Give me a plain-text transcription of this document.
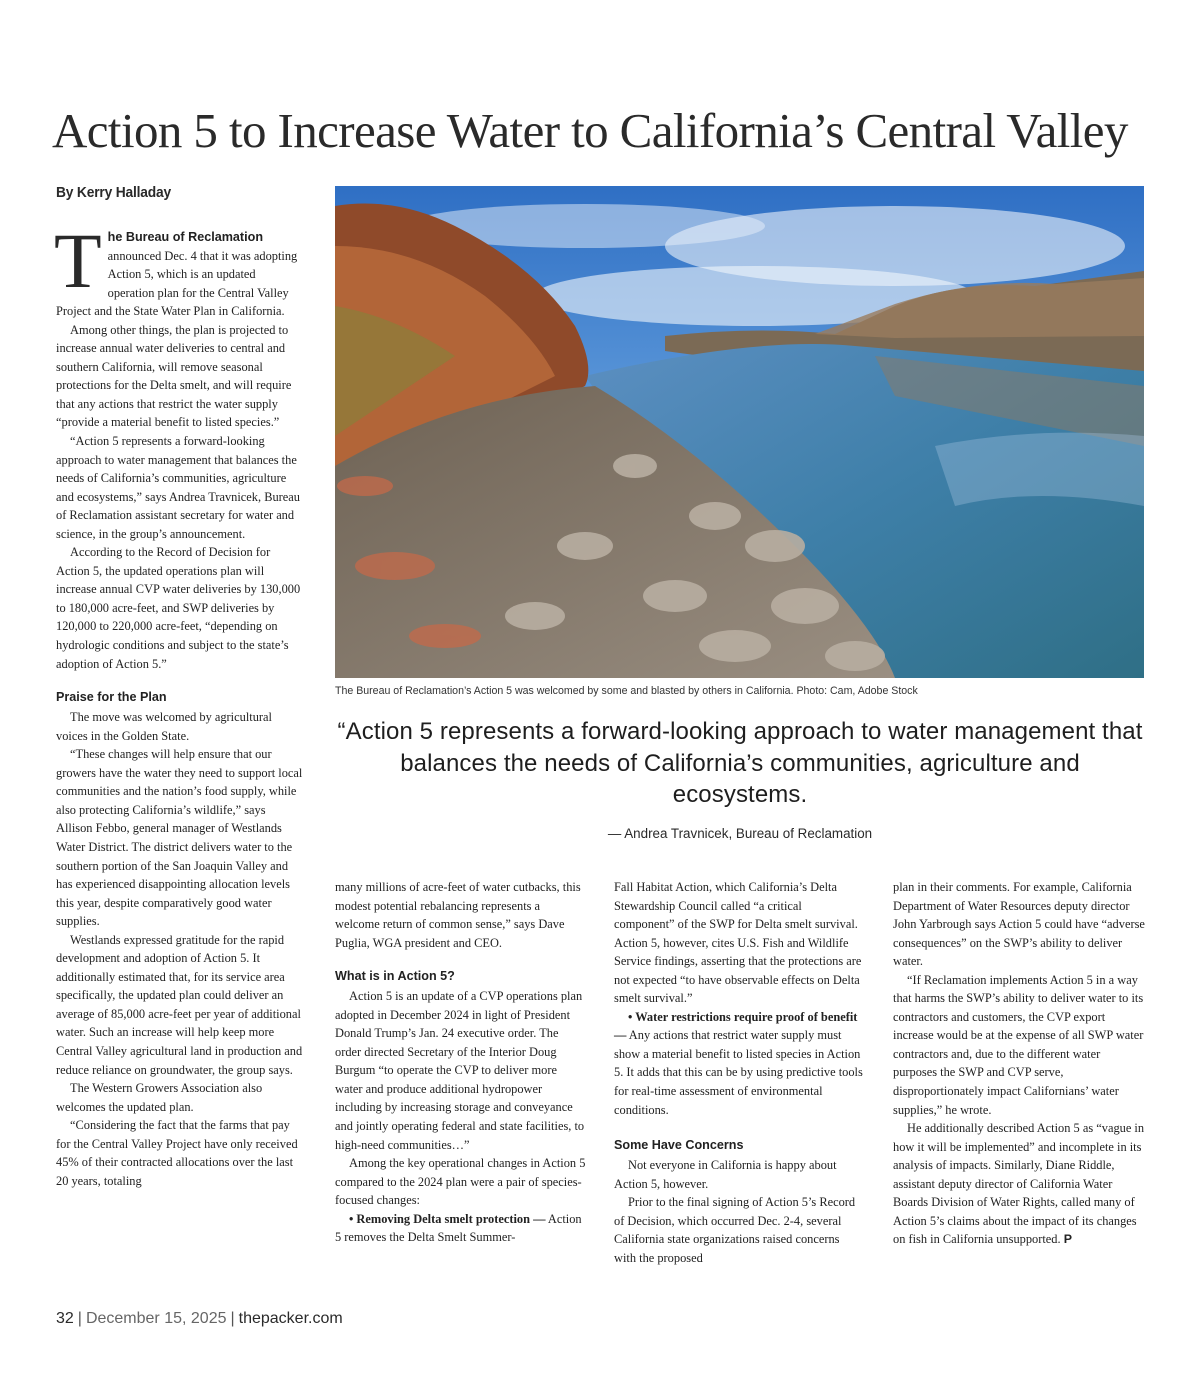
Action 5 to Increase Water to California’s Central Valley
By Kerry Halladay

The Bureau of Reclamation announced Dec. 4 that it was adopting Action 5, which is an updated operation plan for the Central Valley Project and the State Water Plan in California.

Among other things, the plan is projected to increase annual water deliveries to central and southern California, will remove seasonal protections for the Delta smelt, and will require that any actions that restrict the water supply “provide a material benefit to listed species.”

“Action 5 represents a forward-looking approach to water management that balances the needs of California’s communities, agriculture and ecosystems,” says Andrea Travnicek, Bureau of Reclamation assistant secretary for water and science, in the group’s announcement.

According to the Record of Decision for Action 5, the updated operations plan will increase annual CVP water deliveries by 130,000 to 180,000 acre-feet, and SWP deliveries by 120,000 to 220,000 acre-feet, “depending on hydrologic conditions and subject to the state’s adoption of Action 5.”

Praise for the Plan

The move was welcomed by agricultural voices in the Golden State.

“These changes will help ensure that our growers have the water they need to support local communities and the nation’s food supply, while also protecting California’s wildlife,” says Allison Febbo, general manager of Westlands Water District. The district delivers water to the southern portion of the San Joaquin Valley and has experienced disappointing allocation levels this year, despite comparatively good water supplies.

Westlands expressed gratitude for the rapid development and adoption of Action 5. It additionally estimated that, for its service area specifically, the updated plan could deliver an average of 85,000 acre-feet per year of additional water. Such an increase will help keep more Central Valley agricultural land in production and reduce reliance on groundwater, the group says.

The Western Growers Association also welcomes the updated plan.

“Considering the fact that the farms that pay for the Central Valley Project have only received 45% of their contracted allocations over the last 20 years, totaling

The Bureau of Reclamation’s Action 5 was welcomed by some and blasted by others in California. Photo: Cam, Adobe Stock
“Action 5 represents a forward-looking approach to water management that balances the needs of California’s communities, agriculture and ecosystems.
— Andrea Travnicek, Bureau of Reclamation

many millions of acre-feet of water cutbacks, this modest potential rebalancing represents a welcome return of common sense,” says Dave Puglia, WGA president and CEO.

What is in Action 5?

Action 5 is an update of a CVP operations plan adopted in December 2024 in light of President Donald Trump’s Jan. 24 executive order. The order directed Secretary of the Interior Doug Burgum “to operate the CVP to deliver more water and produce additional hydropower including by increasing storage and conveyance and jointly operating federal and state facilities, to high-need communities…”

Among the key operational changes in Action 5 compared to the 2024 plan were a pair of species-focused changes:

• Removing Delta smelt protection — Action 5 removes the Delta Smelt Summer-

Fall Habitat Action, which California’s Delta Stewardship Council called “a critical component” of the SWP for Delta smelt survival. Action 5, however, cites U.S. Fish and Wildlife Service findings, asserting that the protections are not expected “to have observable effects on Delta smelt survival.”

• Water restrictions require proof of benefit — Any actions that restrict water supply must show a material benefit to listed species in Action 5. It adds that this can be by using predictive tools for real-time assessment of environmental conditions.

Some Have Concerns

Not everyone in California is happy about Action 5, however.

Prior to the final signing of Action 5’s Record of Decision, which occurred Dec. 2-4, several California state organizations raised concerns with the proposed

plan in their comments. For example, California Department of Water Resources deputy director John Yarbrough says Action 5 could have “adverse consequences” on the SWP’s ability to deliver water.

“If Reclamation implements Action 5 in a way that harms the SWP’s ability to deliver water to its contractors and customers, the CVP export increase would be at the expense of all SWP water contractors and, due to the different water purposes the SWP and CVP serve, disproportionately impact Californians’ water supplies,” he wrote.

He additionally described Action 5 as “vague in how it will be implemented” and incomplete in its analysis of impacts. Similarly, Diane Riddle, assistant deputy director of California Water Boards Division of Water Rights, called many of Action 5’s claims about the impact of its changes on fish in California unsupported. P

32 | December 15, 2025 | thepacker.com
